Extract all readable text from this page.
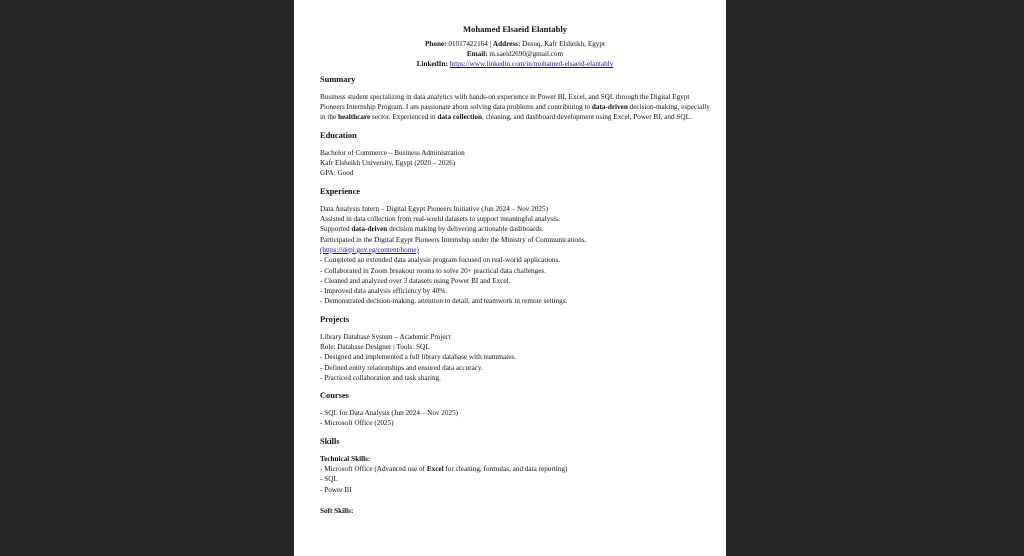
Mohamed Elsaeid Elantably
Phone: 01017422164 | Address: Desuq, Kafr Elsheikh, Egypt
Email: m.saeid2690@gmail.com
LinkedIn: https://www.linkedin.com/in/mohamed-elsaeid-elantably
Summary
Business student specializing in data analytics with hands-on experience in Power BI, Excel, and SQL through the Digital Egypt Pioneers Internship Program. I am passionate about solving data problems and contributing to data-driven decision-making, especially in the healthcare sector. Experienced in data collection, cleaning, and dashboard development using Excel, Power BI, and SQL.
Education
Bachelor of Commerce – Business Administration
Kafr Elsheikh University, Egypt (2020 – 2026)
GPA: Good
Experience
Data Analysis Intern – Digital Egypt Pioneers Initiative (Jun 2024 – Nov 2025)
Assisted in data collection from real-world datasets to support meaningful analysis.
Supported data-driven decision making by delivering actionable dashboards.
Participated in the Digital Egypt Pioneers Internship under the Ministry of Communications.
(https://depi.gov.eg/content/home)
- Completed an extended data analysis program focused on real-world applications.
- Collaborated in Zoom breakout rooms to solve 20+ practical data challenges.
- Cleaned and analyzed over 3 datasets using Power BI and Excel.
- Improved data analysis efficiency by 40%.
- Demonstrated decision-making, attention to detail, and teamwork in remote settings.
Projects
Library Database System – Academic Project
Role: Database Designer | Tools: SQL
- Designed and implemented a full library database with teammates.
- Defined entity relationships and ensured data accuracy.
- Practiced collaboration and task sharing.
Courses
- SQL for Data Analysis (Jun 2024 – Nov 2025)
- Microsoft Office (2025)
Skills
Technical Skills:
- Microsoft Office (Advanced use of Excel for cleaning, formulas, and data reporting)
- SQL
- Power BI
Soft Skills:
